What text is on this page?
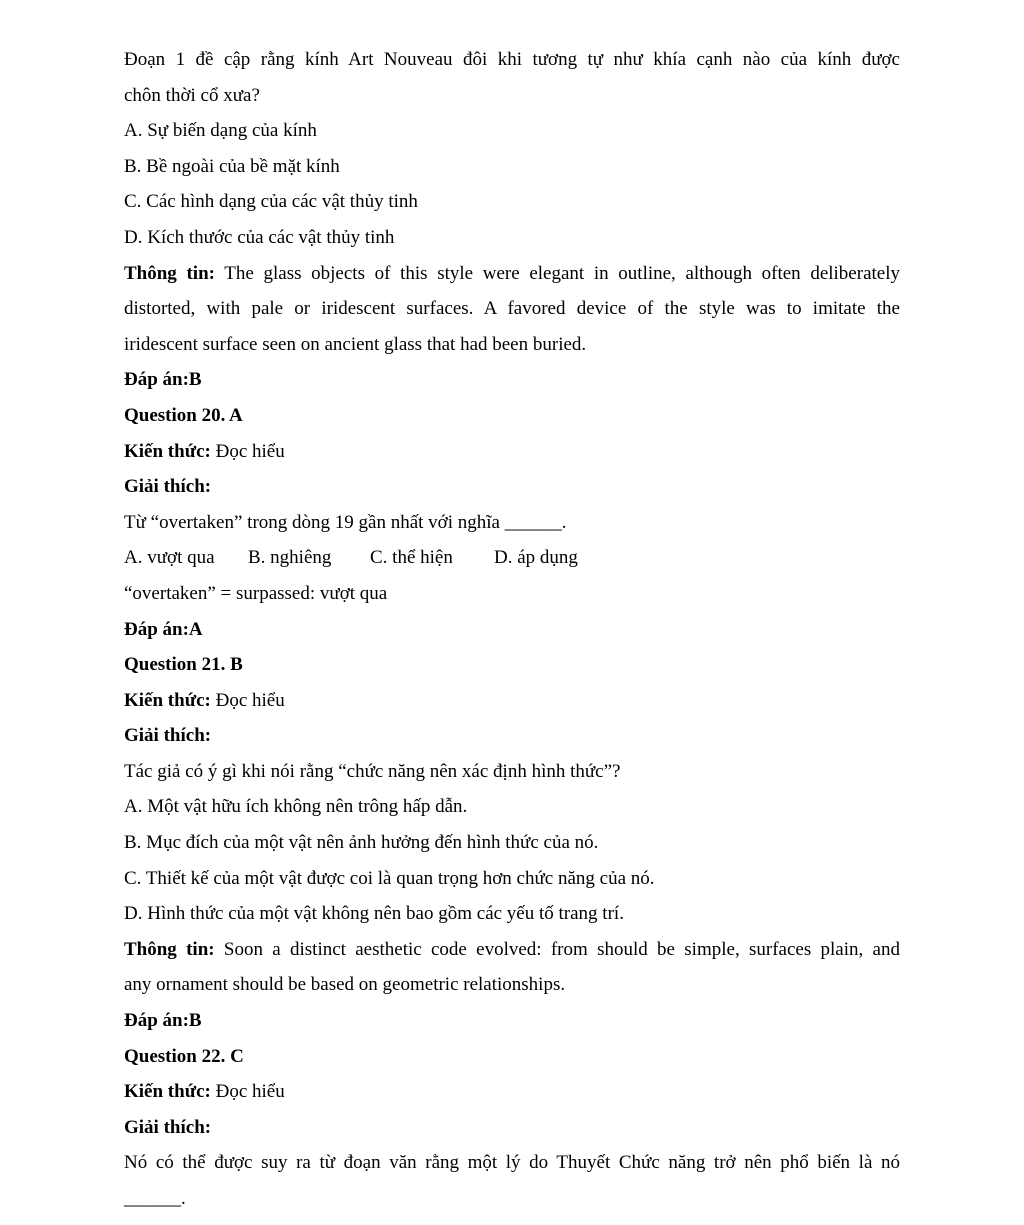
Đoạn 1 đề cập rằng kính Art Nouveau đôi khi tương tự như khía cạnh nào của kính được
chôn thời cổ xưa?
A. Sự biến dạng của kính
B. Bề ngoài của bề mặt kính
C. Các hình dạng của các vật thủy tinh
D. Kích thước của các vật thủy tinh
Thông tin: The glass objects of this style were elegant in outline, although often deliberately
distorted, with pale or iridescent surfaces. A favored device of the style was to imitate the
iridescent surface seen on ancient glass that had been buried.
Đáp án:B
Question 20. A
Kiến thức: Đọc hiểu
Giải thích:
Từ “overtaken” trong dòng 19 gần nhất với nghĩa ______.
A. vượt qua B. nghiêng C. thể hiện D. áp dụng
“overtaken” = surpassed: vượt qua
Đáp án:A
Question 21. B
Kiến thức: Đọc hiểu
Giải thích:
Tác giả có ý gì khi nói rằng “chức năng nên xác định hình thức”?
A. Một vật hữu ích không nên trông hấp dẫn.
B. Mục đích của một vật nên ảnh hưởng đến hình thức của nó.
C. Thiết kế của một vật được coi là quan trọng hơn chức năng của nó.
D. Hình thức của một vật không nên bao gồm các yếu tố trang trí.
Thông tin: Soon a distinct aesthetic code evolved: from should be simple, surfaces plain, and
any ornament should be based on geometric relationships.
Đáp án:B
Question 22. C
Kiến thức: Đọc hiểu
Giải thích:
Nó có thể được suy ra từ đoạn văn rằng một lý do Thuyết Chức năng trở nên phổ biến là nó
______.
